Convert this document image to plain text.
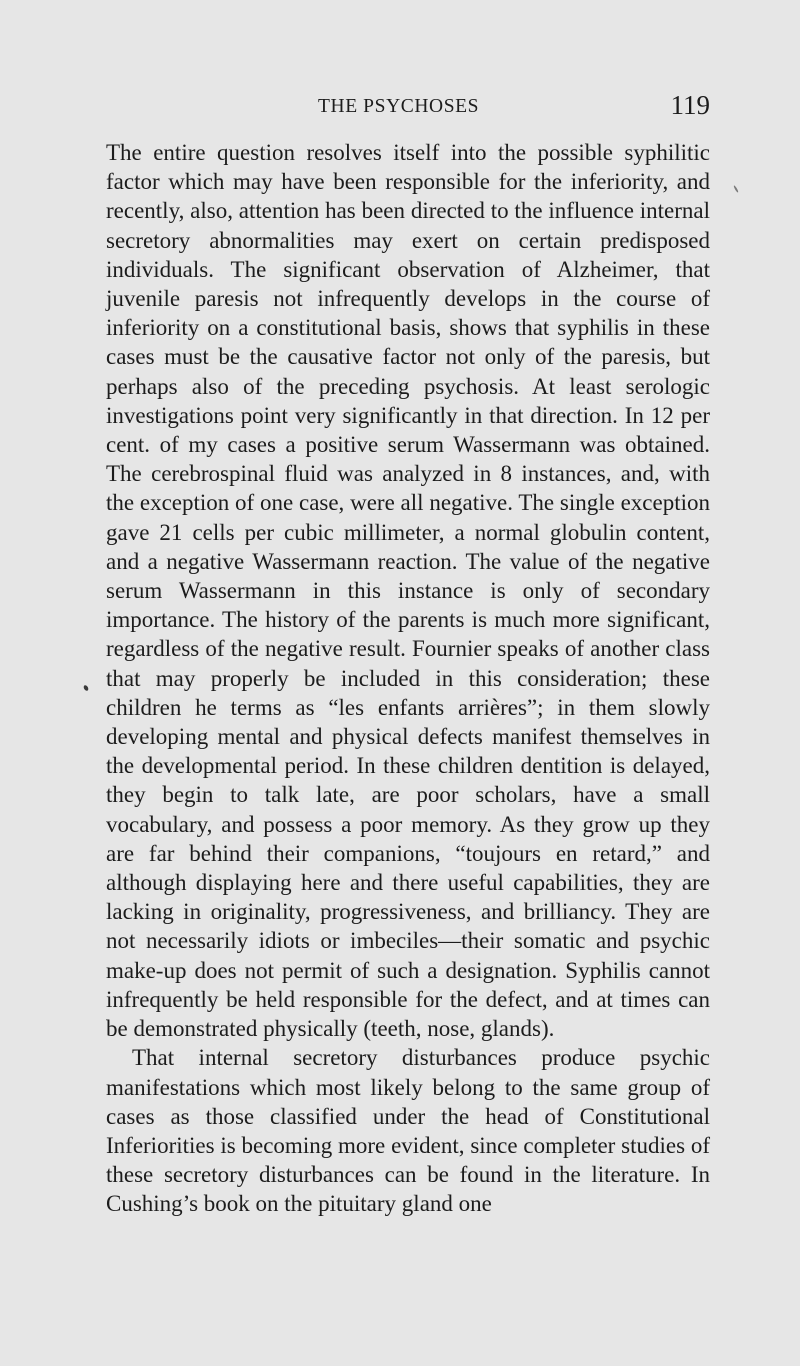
THE PSYCHOSES	119

The entire question resolves itself into the possible syphilitic factor which may have been responsible for the inferiority, and recently, also, attention has been directed to the influence internal secretory abnormalities may exert on certain predisposed individuals. The significant observation of Alzheimer, that juvenile paresis not infrequently develops in the course of inferiority on a constitutional basis, shows that syphilis in these cases must be the causative factor not only of the paresis, but perhaps also of the preceding psychosis. At least serologic investigations point very significantly in that direction. In 12 per cent. of my cases a positive serum Wassermann was obtained. The cerebrospinal fluid was analyzed in 8 instances, and, with the exception of one case, were all negative. The single exception gave 21 cells per cubic millimeter, a normal globulin content, and a negative Wassermann reaction. The value of the negative serum Wassermann in this instance is only of secondary importance. The history of the parents is much more significant, regardless of the negative result. Fournier speaks of another class that may properly be included in this consideration; these children he terms as “les enfants arrières”; in them slowly developing mental and physical defects manifest themselves in the developmental period. In these children dentition is delayed, they begin to talk late, are poor scholars, have a small vocabulary, and possess a poor memory. As they grow up they are far behind their companions, “toujours en retard,” and although displaying here and there useful capabilities, they are lacking in originality, progressiveness, and brilliancy. They are not necessarily idiots or imbeciles—their somatic and psychic make-up does not permit of such a designation. Syphilis cannot infrequently be held responsible for the defect, and at times can be demonstrated physically (teeth, nose, glands).

That internal secretory disturbances produce psychic manifestations which most likely belong to the same group of cases as those classified under the head of Constitutional Inferiorities is becoming more evident, since completer studies of these secretory disturbances can be found in the literature. In Cushing’s book on the pituitary gland one
